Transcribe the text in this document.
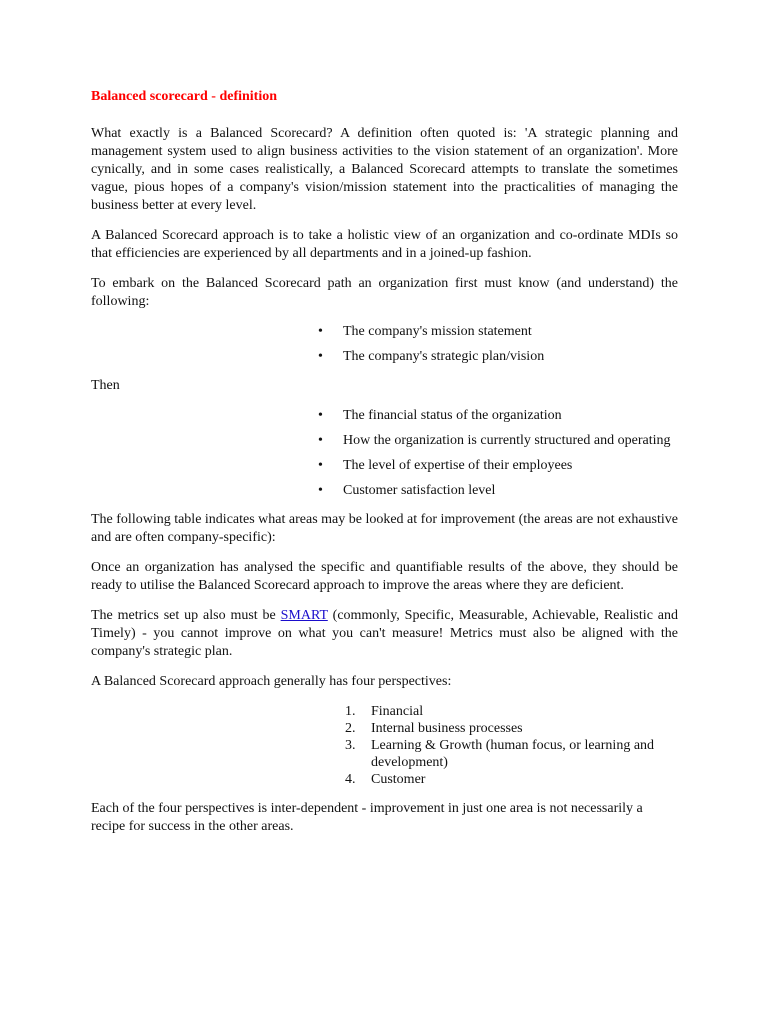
Balanced scorecard - definition

What exactly is a Balanced Scorecard? A definition often quoted is: 'A strategic planning and management system used to align business activities to the vision statement of an organization'. More cynically, and in some cases realistically, a Balanced Scorecard attempts to translate the sometimes vague, pious hopes of a company's vision/mission statement into the practicalities of managing the business better at every level.

A Balanced Scorecard approach is to take a holistic view of an organization and co-ordinate MDIs so that efficiencies are experienced by all departments and in a joined-up fashion.

To embark on the Balanced Scorecard path an organization first must know (and understand) the following:

•	The company's mission statement
•	The company's strategic plan/vision

Then

•	The financial status of the organization
•	How the organization is currently structured and operating
•	The level of expertise of their employees
•	Customer satisfaction level

The following table indicates what areas may be looked at for improvement (the areas are not exhaustive and are often company-specific):

Once an organization has analysed the specific and quantifiable results of the above, they should be ready to utilise the Balanced Scorecard approach to improve the areas where they are deficient.

The metrics set up also must be SMART (commonly, Specific, Measurable, Achievable, Realistic and Timely) - you cannot improve on what you can't measure! Metrics must also be aligned with the company's strategic plan.

A Balanced Scorecard approach generally has four perspectives:

1. Financial
2. Internal business processes
3. Learning & Growth (human focus, or learning and development)
4. Customer

Each of the four perspectives is inter-dependent - improvement in just one area is not necessarily a recipe for success in the other areas.
